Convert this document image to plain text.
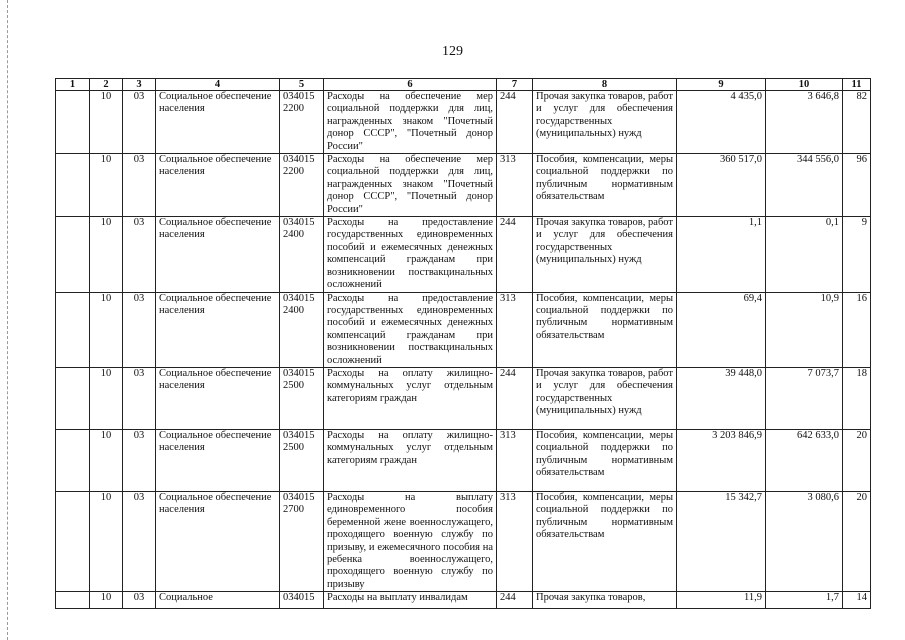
129
1	2	3	4	5	6	7	8	9	10	11
	10	03	Социальное обеспечение населения	034015 2200	Расходы на обеспечение мер социальной поддержки для лиц, награжденных знаком "Почетный донор СССР", "Почетный донор России"	244	Прочая закупка товаров, работ и услуг для обеспечения государственных (муниципальных) нужд	4 435,0	3 646,8	82
	10	03	Социальное обеспечение населения	034015 2200	Расходы на обеспечение мер социальной поддержки для лиц, награжденных знаком "Почетный донор СССР", "Почетный донор России"	313	Пособия, компенсации, меры социальной поддержки по публичным нормативным обязательствам	360 517,0	344 556,0	96
	10	03	Социальное обеспечение населения	034015 2400	Расходы на предоставление государственных единовременных пособий и ежемесячных денежных компенсаций гражданам при возникновении поствакцинальных осложнений	244	Прочая закупка товаров, работ и услуг для обеспечения государственных (муниципальных) нужд	1,1	0,1	9
	10	03	Социальное обеспечение населения	034015 2400	Расходы на предоставление государственных единовременных пособий и ежемесячных денежных компенсаций гражданам при возникновении поствакцинальных осложнений	313	Пособия, компенсации, меры социальной поддержки по публичным нормативным обязательствам	69,4	10,9	16
	10	03	Социальное обеспечение населения	034015 2500	Расходы на оплату жилищно-коммунальных услуг отдельным категориям граждан	244	Прочая закупка товаров, работ и услуг для обеспечения государственных (муниципальных) нужд	39 448,0	7 073,7	18
	10	03	Социальное обеспечение населения	034015 2500	Расходы на оплату жилищно-коммунальных услуг отдельным категориям граждан	313	Пособия, компенсации, меры социальной поддержки по публичным нормативным обязательствам	3 203 846,9	642 633,0	20
	10	03	Социальное обеспечение населения	034015 2700	Расходы на выплату единовременного пособия беременной жене военнослужащего, проходящего военную службу по призыву, и ежемесячного пособия на ребенка военнослужащего, проходящего военную службу по призыву	313	Пособия, компенсации, меры социальной поддержки по публичным нормативным обязательствам	15 342,7	3 080,6	20
	10	03	Социальное	034015	Расходы на выплату инвалидам	244	Прочая закупка товаров,	11,9	1,7	14
